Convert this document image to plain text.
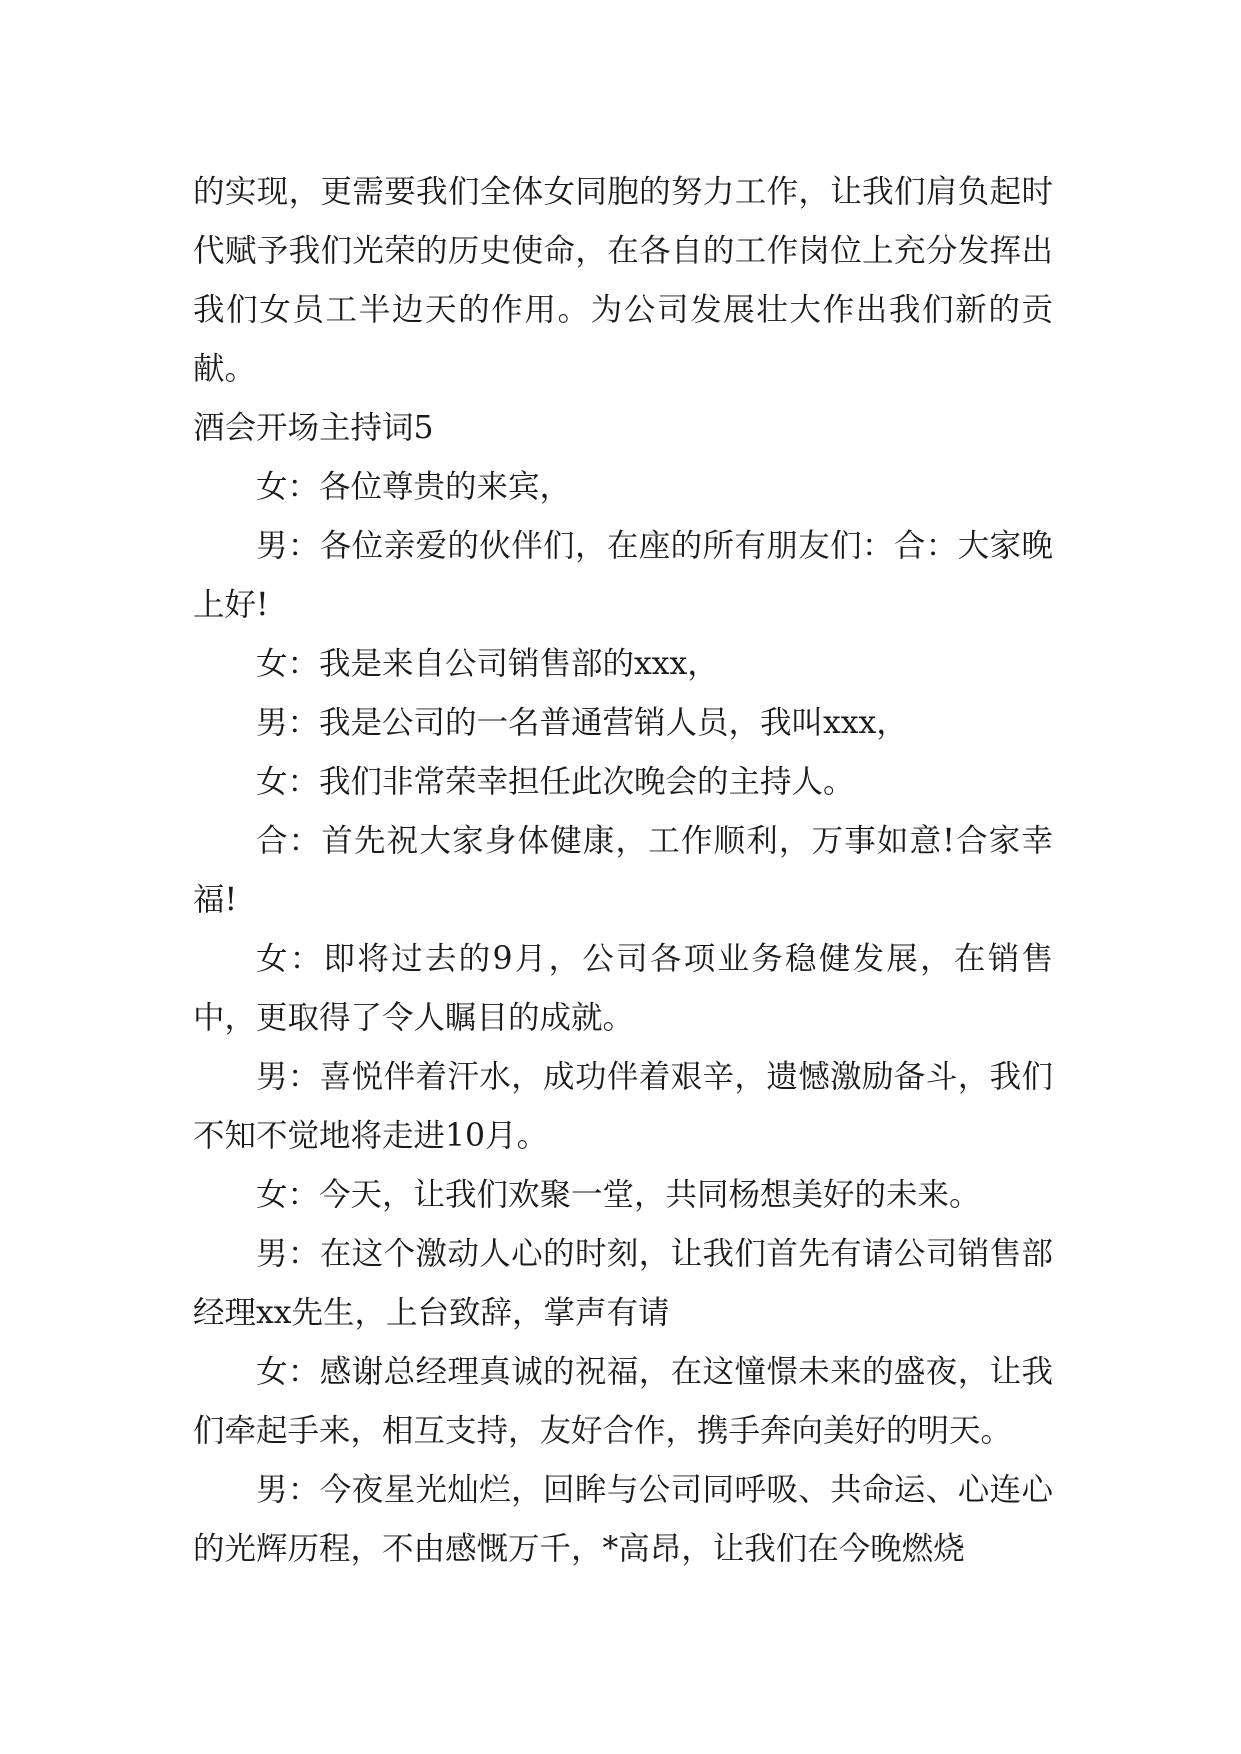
的实现，更需要我们全体女同胞的努力工作，让我们肩负起时代赋予我们光荣的历史使命，在各自的工作岗位上充分发挥出我们女员工半边天的作用。为公司发展壮大作出我们新的贡献。

酒会开场主持词5

女：各位尊贵的来宾，

男：各位亲爱的伙伴们，在座的所有朋友们：合：大家晚上好!

女：我是来自公司销售部的xxx，

男：我是公司的一名普通营销人员，我叫xxx，

女：我们非常荣幸担任此次晚会的主持人。

合：首先祝大家身体健康，工作顺利，万事如意!合家幸福!

女：即将过去的9月，公司各项业务稳健发展，在销售中，更取得了令人瞩目的成就。

男：喜悦伴着汗水，成功伴着艰辛，遗憾激励备斗，我们不知不觉地将走进10月。

女：今天，让我们欢聚一堂，共同杨想美好的未来。

男：在这个激动人心的时刻，让我们首先有请公司销售部经理xx先生，上台致辞，掌声有请

女：感谢总经理真诚的祝福，在这憧憬未来的盛夜，让我们牵起手来，相互支持，友好合作，携手奔向美好的明天。

男：今夜星光灿烂，回眸与公司同呼吸、共命运、心连心的光辉历程，不由感慨万千，*高昂，让我们在今晚燃烧
